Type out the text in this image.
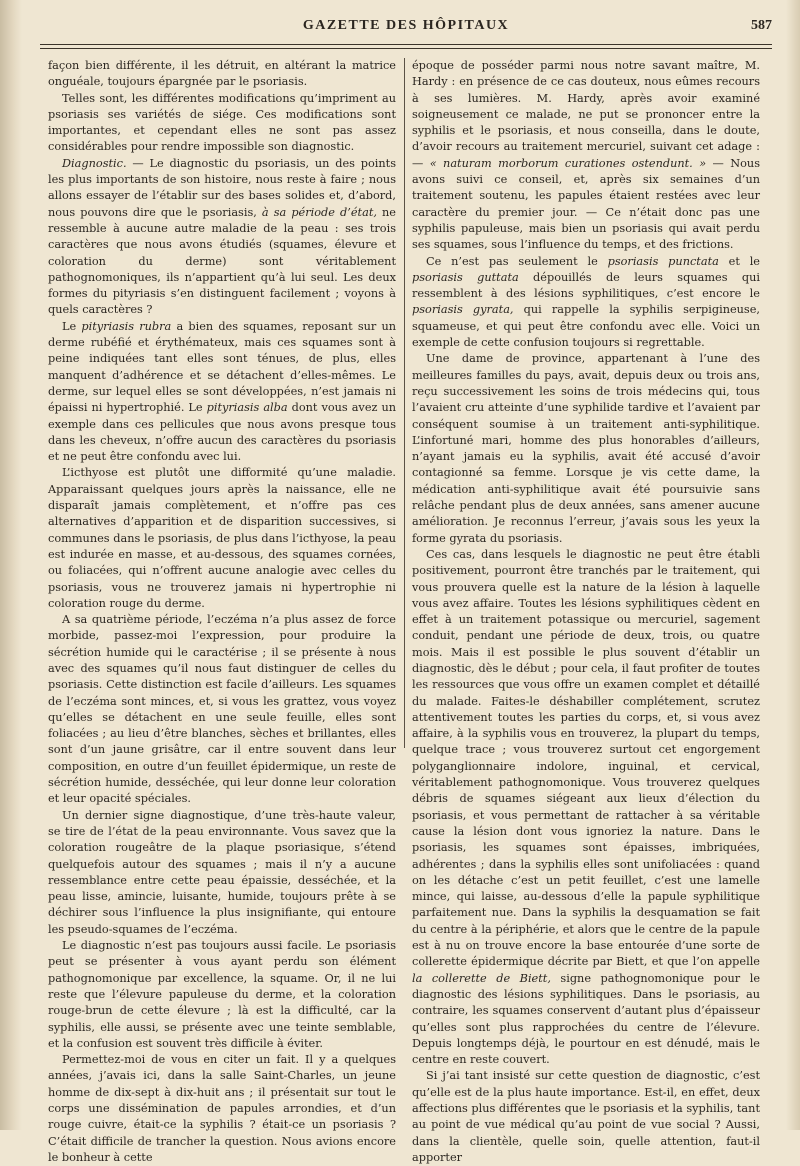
GAZETTE DES HÔPITAUX	587

façon bien différente, il les détruit, en altérant la matrice onguéale, toujours épargnée par le psoriasis.

Telles sont, les différentes modifications qu’impriment au psoriasis ses variétés de siége. Ces modifications sont importantes, et cependant elles ne sont pas assez considérables pour rendre impossible son diagnostic.

Diagnostic. — Le diagnostic du psoriasis, un des points les plus importants de son histoire, nous reste à faire ; nous allons essayer de l’établir sur des bases solides et, d’abord, nous pouvons dire que le psoriasis, à sa période d’état, ne ressemble à aucune autre maladie de la peau : ses trois caractères que nous avons étudiés (squames, élevure et coloration du derme) sont véritablement pathognomoniques, ils n’appartient qu’à lui seul. Les deux formes du pityriasis s’en distinguent facilement ; voyons à quels caractères ?

Le pityriasis rubra a bien des squames, reposant sur un derme rubéfié et érythémateux, mais ces squames sont à peine indiquées tant elles sont ténues, de plus, elles manquent d’adhérence et se détachent d’elles-mêmes. Le derme, sur lequel elles se sont développées, n’est jamais ni épaissi ni hypertrophié. Le pityriasis alba dont vous avez un exemple dans ces pellicules que nous avons presque tous dans les cheveux, n’offre aucun des caractères du psoriasis et ne peut être confondu avec lui.

L’icthyose est plutôt une difformité qu’une maladie. Apparaissant quelques jours après la naissance, elle ne disparaît jamais complètement, et n’offre pas ces alternatives d’apparition et de disparition successives, si communes dans le psoriasis, de plus dans l’icthyose, la peau est indurée en masse, et au-dessous, des squames cornées, ou foliacées, qui n’offrent aucune analogie avec celles du psoriasis, vous ne trouverez jamais ni hypertrophie ni coloration rouge du derme.

A sa quatrième période, l’eczéma n’a plus assez de force morbide, passez-moi l’expression, pour produire la sécrétion humide qui le caractérise ; il se présente à nous avec des squames qu’il nous faut distinguer de celles du psoriasis. Cette distinction est facile d’ailleurs. Les squames de l’eczéma sont minces, et, si vous les grattez, vous voyez qu’elles se détachent en une seule feuille, elles sont foliacées ; au lieu d’être blanches, sèches et brillantes, elles sont d’un jaune grisâtre, car il entre souvent dans leur composition, en outre d’un feuillet épidermique, un reste de sécrétion humide, desséchée, qui leur donne leur coloration et leur opacité spéciales.

Un dernier signe diagnostique, d’une très-haute valeur, se tire de l’état de la peau environnante. Vous savez que la coloration rougeâtre de la plaque psoriasique, s’étend quelquefois autour des squames ; mais il n’y a aucune ressemblance entre cette peau épaissie, desséchée, et la peau lisse, amincie, luisante, humide, toujours prête à se déchirer sous l’influence la plus insignifiante, qui entoure les pseudo-squames de l’eczéma.

Le diagnostic n’est pas toujours aussi facile. Le psoriasis peut se présenter à vous ayant perdu son élément pathognomonique par excellence, la squame. Or, il ne lui reste que l’élevure papuleuse du derme, et la coloration rouge-brun de cette élevure ; là est la difficulté, car la syphilis, elle aussi, se présente avec une teinte semblable, et la confusion est souvent très difficile à éviter.

Permettez-moi de vous en citer un fait. Il y a quelques années, j’avais ici, dans la salle Saint-Charles, un jeune homme de dix-sept à dix-huit ans ; il présentait sur tout le corps une dissémination de papules arrondies, et d’un rouge cuivre, était-ce la syphilis ? était-ce un psoriasis ? C’était difficile de trancher la question. Nous avions encore le bonheur à cette

époque de posséder parmi nous notre savant maître, M. Hardy : en présence de ce cas douteux, nous eûmes recours à ses lumières. M. Hardy, après avoir examiné soigneusement ce malade, ne put se prononcer entre la syphilis et le psoriasis, et nous conseilla, dans le doute, d’avoir recours au traitement mercuriel, suivant cet adage : — « naturam morborum curationes ostendunt. » — Nous avons suivi ce conseil, et, après six semaines d’un traitement soutenu, les papules étaient restées avec leur caractère du premier jour. — Ce n’était donc pas une syphilis papuleuse, mais bien un psoriasis qui avait perdu ses squames, sous l’influence du temps, et des frictions.

Ce n’est pas seulement le psoriasis punctata et le psoriasis guttata dépouillés de leurs squames qui ressemblent à des lésions syphilitiques, c’est encore le psoriasis gyrata, qui rappelle la syphilis serpigineuse, squameuse, et qui peut être confondu avec elle. Voici un exemple de cette confusion toujours si regrettable.

Une dame de province, appartenant à l’une des meilleures familles du pays, avait, depuis deux ou trois ans, reçu successivement les soins de trois médecins qui, tous l’avaient cru atteinte d’une syphilide tardive et l’avaient par conséquent soumise à un traitement anti-syphilitique. L’infortuné mari, homme des plus honorables d’ailleurs, n’ayant jamais eu la syphilis, avait été accusé d’avoir contagionné sa femme. Lorsque je vis cette dame, la médication anti-syphilitique avait été poursuivie sans relâche pendant plus de deux années, sans amener aucune amélioration. Je reconnus l’erreur, j’avais sous les yeux la forme gyrata du psoriasis.

Ces cas, dans lesquels le diagnostic ne peut être établi positivement, pourront être tranchés par le traitement, qui vous prouvera quelle est la nature de la lésion à laquelle vous avez affaire. Toutes les lésions syphilitiques cèdent en effet à un traitement potassique ou mercuriel, sagement conduit, pendant une période de deux, trois, ou quatre mois. Mais il est possible le plus souvent d’établir un diagnostic, dès le début ; pour cela, il faut profiter de toutes les ressources que vous offre un examen complet et détaillé du malade. Faites-le déshabiller complétement, scrutez attentivement toutes les parties du corps, et, si vous avez affaire, à la syphilis vous en trouverez, la plupart du temps, quelque trace ; vous trouverez surtout cet engorgement polyganglionnaire indolore, inguinal, et cervical, véritablement pathognomonique. Vous trouverez quelques débris de squames siégeant aux lieux d’élection du psoriasis, et vous permettant de rattacher à sa véritable cause la lésion dont vous ignoriez la nature. Dans le psoriasis, les squames sont épaisses, imbriquées, adhérentes ; dans la syphilis elles sont unifoliacées : quand on les détache c’est un petit feuillet, c’est une lamelle mince, qui laisse, au-dessous d’elle la papule syphilitique parfaitement nue. Dans la syphilis la desquamation se fait du centre à la périphérie, et alors que le centre de la papule est à nu on trouve encore la base entourée d’une sorte de collerette épidermique décrite par Biett, et que l’on appelle la collerette de Biett, signe pathognomonique pour le diagnostic des lésions syphilitiques. Dans le psoriasis, au contraire, les squames conservent d’autant plus d’épaisseur qu’elles sont plus rapprochées du centre de l’élevure. Depuis longtemps déjà, le pourtour en est dénudé, mais le centre en reste couvert.

Si j’ai tant insisté sur cette question de diagnostic, c’est qu’elle est de la plus haute importance. Est-il, en effet, deux affections plus différentes que le psoriasis et la syphilis, tant au point de vue médical qu’au point de vue social ? Aussi, dans la clientèle, quelle soin, quelle attention, faut-il apporter
